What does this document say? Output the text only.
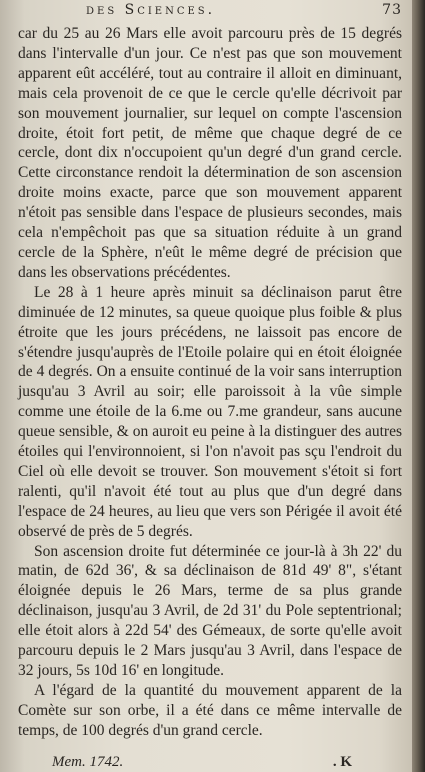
des Sciences.	73

car du 25 au 26 Mars elle avoit parcouru près de 15 degrés dans l'intervalle d'un jour. Ce n'est pas que son mouvement apparent eût accéléré, tout au contraire il alloit en diminuant, mais cela provenoit de ce que le cercle qu'elle décrivoit par son mouvement journalier, sur lequel on compte l'ascension droite, étoit fort petit, de même que chaque degré de ce cercle, dont dix n'occupoient qu'un degré d'un grand cercle. Cette circonstance rendoit la détermination de son ascension droite moins exacte, parce que son mouvement apparent n'étoit pas sensible dans l'espace de plusieurs secondes, mais cela n'empêchoit pas que sa situation réduite à un grand cercle de la Sphère, n'eût le même degré de précision que dans les observations précédentes.

Le 28 à 1 heure après minuit sa déclinaison parut être diminuée de 12 minutes, sa queue quoique plus foible & plus étroite que les jours précédens, ne laissoit pas encore de s'étendre jusqu'auprès de l'Etoile polaire qui en étoit éloignée de 4 degrés. On a ensuite continué de la voir sans interruption jusqu'au 3 Avril au soir; elle paroissoit à la vûe simple comme une étoile de la 6.me ou 7.me grandeur, sans aucune queue sensible, & on auroit eu peine à la distinguer des autres étoiles qui l'environnoient, si l'on n'avoit pas sçu l'endroit du Ciel où elle devoit se trouver. Son mouvement s'étoit si fort ralenti, qu'il n'avoit été tout au plus que d'un degré dans l'espace de 24 heures, au lieu que vers son Périgée il avoit été observé de près de 5 degrés.

Son ascension droite fut déterminée ce jour-là à 3h 22' du matin, de 62d 36', & sa déclinaison de 81d 49' 8", s'étant éloignée depuis le 26 Mars, terme de sa plus grande déclinaison, jusqu'au 3 Avril, de 2d 31' du Pole septentrional; elle étoit alors à 22d 54' des Gémeaux, de sorte qu'elle avoit parcouru depuis le 2 Mars jusqu'au 3 Avril, dans l'espace de 32 jours, 5s 10d 16' en longitude.

A l'égard de la quantité du mouvement apparent de la Comète sur son orbe, il a été dans ce même intervalle de temps, de 100 degrés d'un grand cercle.

Mem. 1742.	. K
